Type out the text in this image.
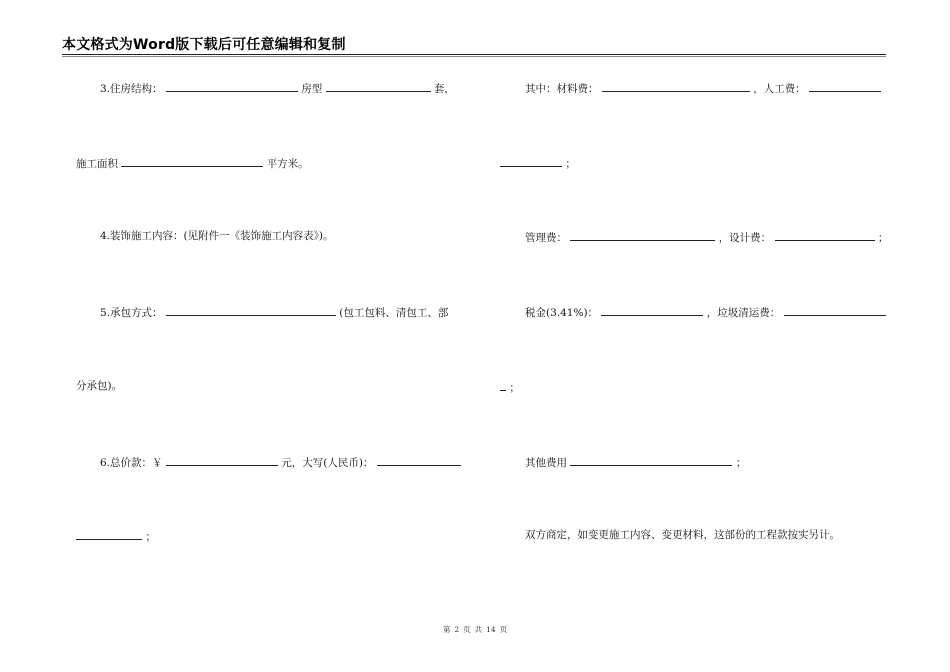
本文格式为Word版下载后可任意编辑和复制
3.住房结构：	房型	套，
施工面积	平方米。
4.装饰施工内容：(见附件一《装饰施工内容表》)。
5.承包方式：	(包工包料、清包工、部
分承包)。
6.总价款：￥	元，大写(人民币)：
；
其中：材料费：	，人工费：
；
管理费：	，设计费：	；
税金(3.41%)：	，垃圾清运费：
；
其他费用	；
双方商定，如变更施工内容、变更材料，这部份的工程款按实另计。
第 2 页 共 14 页
